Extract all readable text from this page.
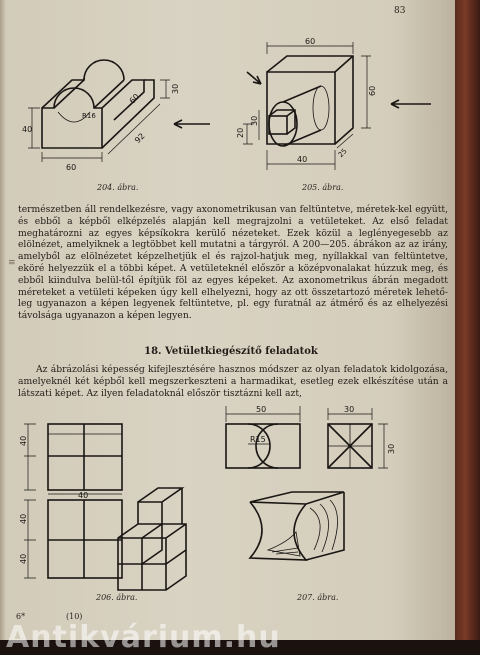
83
40
60
30
60
R16
92
204. ábra.
60
60
20
30
40
25
205. ábra.
≡

természetben áll rendelkezésre, vagy axonometrikusan van feltüntetve, méretek-kel együtt, és ebből a képből elképzelés alapján kell megrajzolni a vetületeket. Az első feladat meghatározni az egyes képsíkokra kerülő nézeteket. Ezek közül a leglényegesebb az elölnézet, amelyiknek a legtöbbet kell mutatni a tárgyról. A 200—205. ábrákon az az irány, amelyből az elölnézetet képzelhetjük el és rajzol-hatjuk meg, nyíllakkal van feltüntetve, eköré helyezzük el a többi képet. A vetületeknél először a középvonalakat húzzuk meg, és ebből kiindulva belül-től építjük föl az egyes képeket. Az axonometrikus ábrán megadott méreteket a vetületi képeken úgy kell elhelyezni, hogy az ott összetartozó méretek lehető-leg ugyanazon a képen legyenek feltüntetve, pl. egy furatnál az átmérő és az elhelyezési távolsága ugyanazon a képen legyen.

18. Vetületkiegészítő feladatok

Az ábrázolási képesség kifejlesztésére hasznos módszer az olyan feladatok kidolgozása, amelyeknél két képből kell megszerkeszteni a harmadikat, esetleg ezek elkészítése után a látszati képet. Az ilyen feladatoknál először tisztázni kell azt,

40
40
40
40
206. ábra.
50
R15
30
30
207. ábra.
6*	(10)
Antikvárium.hu
